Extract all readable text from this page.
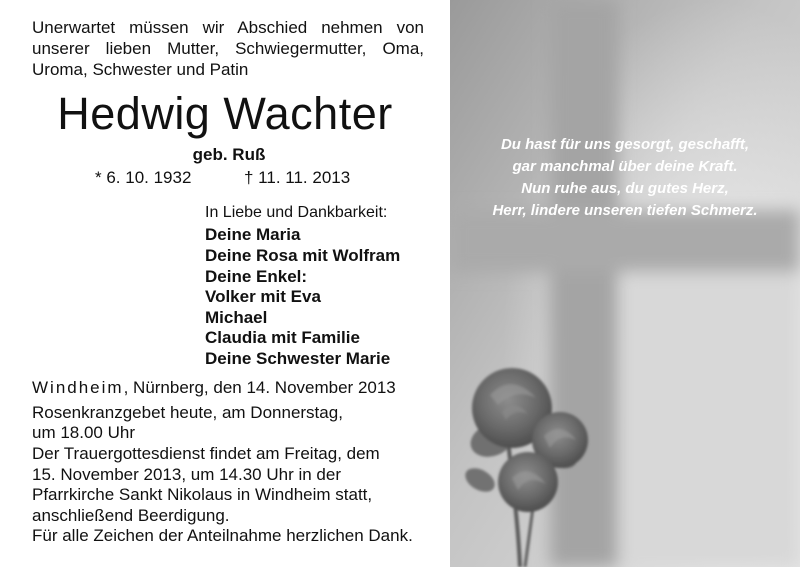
Unerwartet müssen wir Abschied nehmen von
unserer lieben Mutter, Schwiegermutter, Oma,
Uroma, Schwester und Patin
Hedwig Wachter
geb. Ruß
* 6. 10. 1932	† 11. 11. 2013
In Liebe und Dankbarkeit:
Deine Maria
Deine Rosa mit Wolfram
Deine Enkel:
Volker mit Eva
Michael
Claudia mit Familie
Deine Schwester Marie
Windheim, Nürnberg, den 14. November 2013
Rosenkranzgebet heute, am Donnerstag,
um 18.00 Uhr
Der Trauergottesdienst findet am Freitag, dem
15. November 2013, um 14.30 Uhr in der
Pfarrkirche Sankt Nikolaus in Windheim statt,
anschließend Beerdigung.
Für alle Zeichen der Anteilnahme herzlichen Dank.
Du hast für uns gesorgt, geschafft,
gar manchmal über deine Kraft.
Nun ruhe aus, du gutes Herz,
Herr, lindere unseren tiefen Schmerz.
